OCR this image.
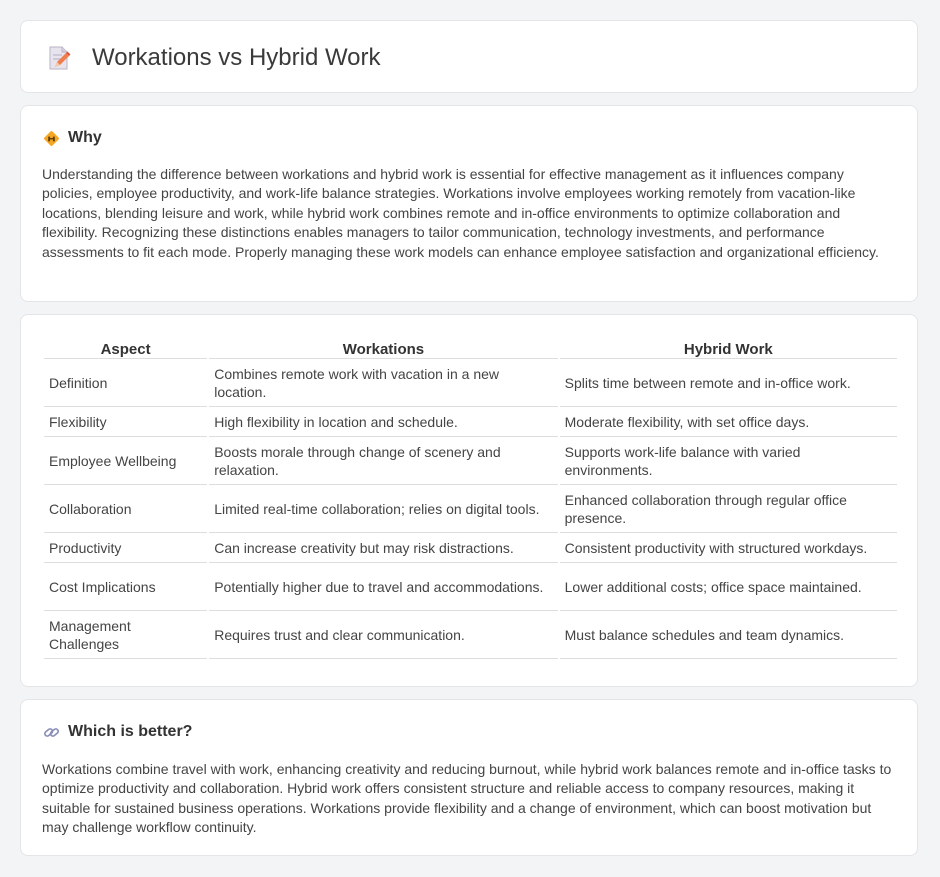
Workations vs Hybrid Work
Why

Understanding the difference between workations and hybrid work is essential for effective management as it influences company policies, employee productivity, and work-life balance strategies. Workations involve employees working remotely from vacation-like locations, blending leisure and work, while hybrid work combines remote and in-office environments to optimize collaboration and flexibility. Recognizing these distinctions enables managers to tailor communication, technology investments, and performance assessments to fit each mode. Properly managing these work models can enhance employee satisfaction and organizational efficiency.

Aspect	Workations	Hybrid Work
Definition	Combines remote work with vacation in a new location.	Splits time between remote and in-office work.
Flexibility	High flexibility in location and schedule.	Moderate flexibility, with set office days.
Employee Wellbeing	Boosts morale through change of scenery and relaxation.	Supports work-life balance with varied environments.
Collaboration	Limited real-time collaboration; relies on digital tools.	Enhanced collaboration through regular office presence.
Productivity	Can increase creativity but may risk distractions.	Consistent productivity with structured workdays.
Cost Implications	Potentially higher due to travel and accommodations.	Lower additional costs; office space maintained.
Management Challenges	Requires trust and clear communication.	Must balance schedules and team dynamics.
Which is better?

Workations combine travel with work, enhancing creativity and reducing burnout, while hybrid work balances remote and in-office tasks to optimize productivity and collaboration. Hybrid work offers consistent structure and reliable access to company resources, making it suitable for sustained business operations. Workations provide flexibility and a change of environment, which can boost motivation but may challenge workflow continuity.
